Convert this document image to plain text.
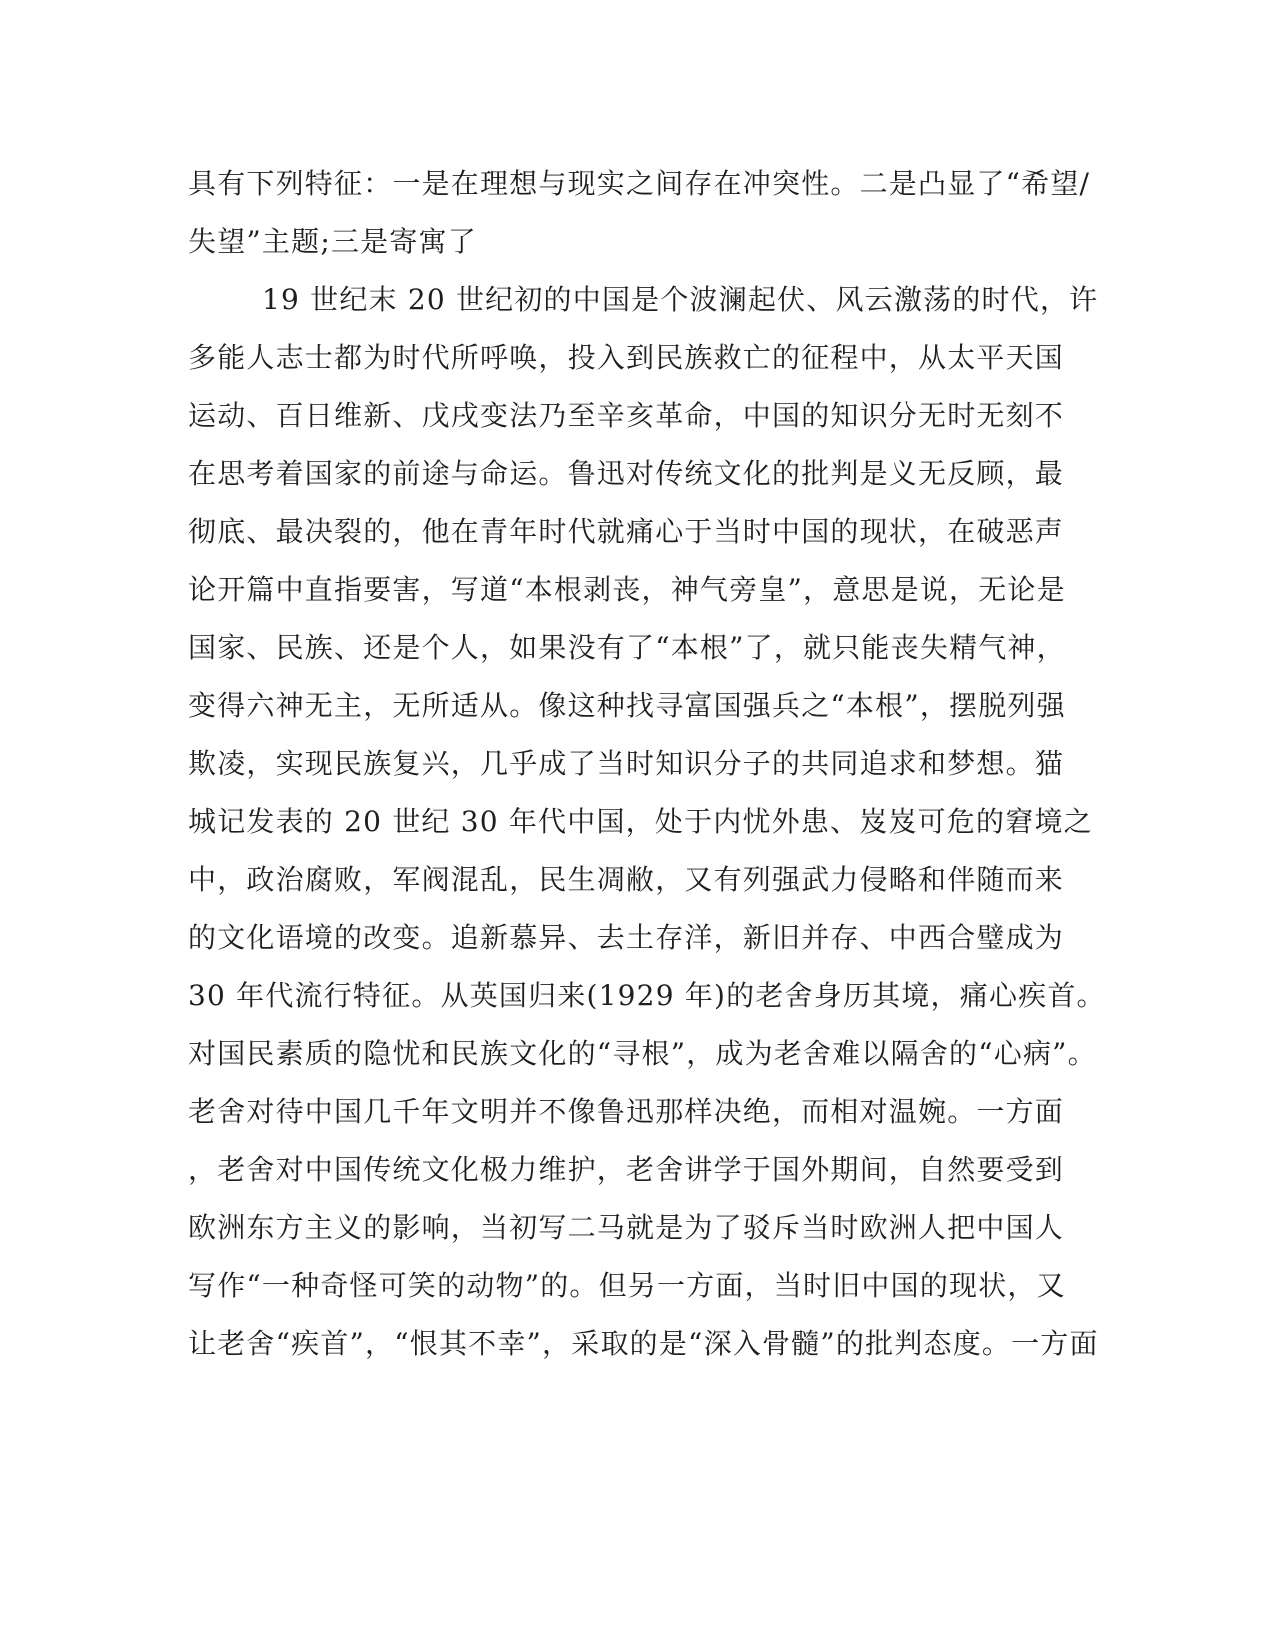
具有下列特征：一是在理想与现实之间存在冲突性。二是凸显了“希望/
失望”主题;三是寄寓了
19 世纪末 20 世纪初的中国是个波澜起伏、风云激荡的时代，许
多能人志士都为时代所呼唤，投入到民族救亡的征程中，从太平天国
运动、百日维新、戊戌变法乃至辛亥革命，中国的知识分无时无刻不
在思考着国家的前途与命运。鲁迅对传统文化的批判是义无反顾，最
彻底、最决裂的，他在青年时代就痛心于当时中国的现状，在破恶声
论开篇中直指要害，写道“本根剥丧，神气旁皇”，意思是说，无论是
国家、民族、还是个人，如果没有了“本根”了，就只能丧失精气神，
变得六神无主，无所适从。像这种找寻富国强兵之“本根”，摆脱列强
欺凌，实现民族复兴，几乎成了当时知识分子的共同追求和梦想。猫
城记发表的 20 世纪 30 年代中国，处于内忧外患、岌岌可危的窘境之
中，政治腐败，军阀混乱，民生凋敝，又有列强武力侵略和伴随而来
的文化语境的改变。追新慕异、去土存洋，新旧并存、中西合璧成为
30 年代流行特征。从英国归来(1929 年)的老舍身历其境，痛心疾首。
对国民素质的隐忧和民族文化的“寻根”，成为老舍难以隔舍的“心病”。
老舍对待中国几千年文明并不像鲁迅那样决绝，而相对温婉。一方面
，老舍对中国传统文化极力维护，老舍讲学于国外期间，自然要受到
欧洲东方主义的影响，当初写二马就是为了驳斥当时欧洲人把中国人
写作“一种奇怪可笑的动物”的。但另一方面，当时旧中国的现状，又
让老舍“疾首”，“恨其不幸”，采取的是“深入骨髓”的批判态度。一方面
